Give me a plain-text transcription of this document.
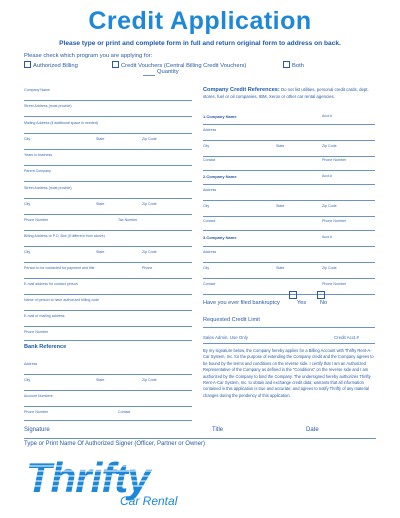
Credit Application
Please type or print and complete form in full and return original form to address on back.
Please check which program you are applying for:
Authorized Billing	Credit Vouchers (Central Billing Credit Vouchers)	Both
Quantity
Company Name
Street Address (must provide)
Mailing Address (if additional space is needed)
City	State	Zip Code
Years in business
Parent Company
Street Address (must provide)
City	State	Zip Code
Phone Number	Tax Number
Billing Address or P.O. Box (if different from above)
City	State	Zip Code
Person to be contacted for payment and title	Phone
E-mail address for contact person
Name of person to have authorized billing code
E-mail or mailing address
Phone Number
Bank Reference
Address
City	State	Zip Code
Account Numbers
Phone Number	Contact
Company Credit References: Do not list utilities, personal credit cards, dept. stores, fuel or oil companies, IBM, Xerox or other car rental agencies.
1.Company Name	Acct.#
Address
City	State	Zip Code
Contact	Phone Number
2.Company Name	Acct.#
Address
City	State	Zip Code
Contact	Phone Number
3.Company Name	Acct.#
Address
City	State	Zip Code
Contact	Phone Number
Have you ever filed bankruptcy	Yes No
Requested Credit Limit
Sales Admin. Use Only	Credit Acct.#
By my signature below, the Company hereby applies for a Billing Account with Thrifty Rent-A-Car System, Inc. for the purpose of extending the Company credit and the Company agrees to be bound by the terms and conditions on the reverse side. I certify that I am an Authorized Representative of the Company as defined in the "Conditions" on the reverse side and I am authorized by the Company to bind the Company. The undersigned hereby authorizes Thrifty Rent-A-Car System, Inc. to obtain and exchange credit data; warrants that all information contained in this application is true and accurate; and agrees to notify Thrifty of any material changes during the pendency of this application.
Signature	Title	Date
Type or Print Name Of Authorized Signer (Officer, Partner or Owner)
Thrifty
Car Rental
